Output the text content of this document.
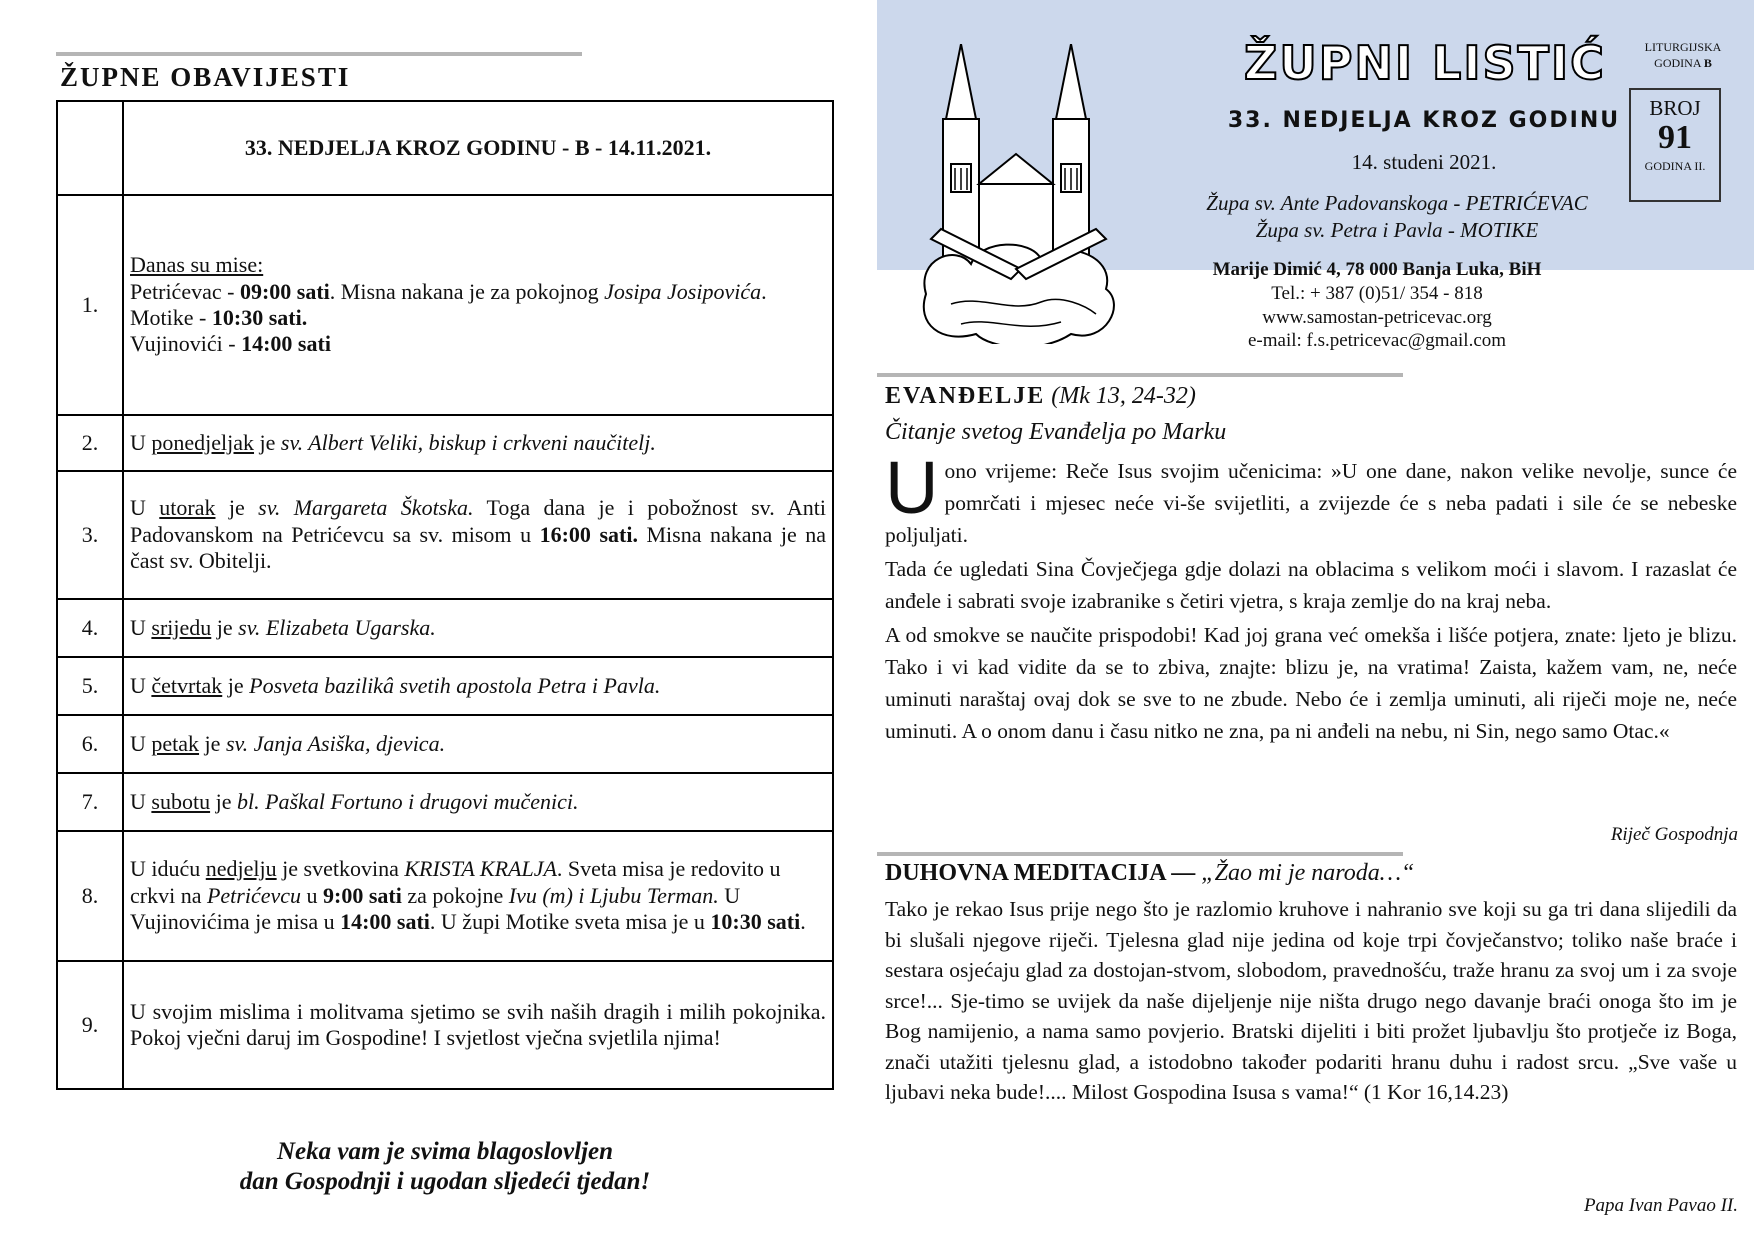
ŽUPNE OBAVIJESTI
	33. NEDJELJA KROZ GODINU - B - 14.11.2021.
1.	Danas su mise:
Petrićevac - 09:00 sati. Misna nakana je za pokojnog Josipa Josipovića.
Motike - 10:30 sati.
Vujinovići - 14:00 sati
2.	U ponedjeljak je sv. Albert Veliki, biskup i crkveni naučitelj.
3.	U utorak je sv. Margareta Škotska. Toga dana je i pobožnost sv. Anti Padovanskom na Petrićevcu sa sv. misom u 16:00 sati. Misna nakana je na čast sv. Obitelji.
4.	U srijedu je sv. Elizabeta Ugarska.
5.	U četvrtak je Posveta bazilikâ svetih apostola Petra i Pavla.
6.	U petak je sv. Janja Asiška, djevica.
7.	U subotu je bl. Paškal Fortuno i drugovi mučenici.
8.	U iduću nedjelju je svetkovina KRISTA KRALJA. Sveta misa je redovito u crkvi na Petrićevcu u 9:00 sati za pokojne Ivu (m) i Ljubu Terman. U Vujinovićima je misa u 14:00 sati. U župi Motike sveta misa je u 10:30 sati.
9.	U svojim mislima i molitvama sjetimo se svih naših dragih i milih pokojnika. Pokoj vječni daruj im Gospodine! I svjetlost vječna svjetlila njima!
Neka vam je svima blagoslovljen
dan Gospodnji i ugodan sljedeći tjedan!
ŽUPNI LISTIĆ	LITURGIJSKA
GODINA B
BROJ
91
GODINA II.
33. NEDJELJA KROZ GODINU
14. studeni 2021.
Župa sv. Ante Padovanskoga - PETRIĆEVAC
Župa sv. Petra i Pavla - MOTIKE
Marije Dimić 4, 78 000 Banja Luka, BiH
Tel.: + 387 (0)51/ 354 - 818
www.samostan-petricevac.org
e-mail: f.s.petricevac@gmail.com
EVANĐELJE (Mk 13, 24-32)
Čitanje svetog Evanđelja po Marku

Uono vrijeme: Reče Isus svojim učenicima: »U one dane, nakon velike nevolje, sunce će pomrčati i mjesec neće vi-še svijetliti, a zvijezde će s neba padati i sile će se nebeske poljuljati.

Tada će ugledati Sina Čovječjega gdje dolazi na oblacima s velikom moći i slavom. I razaslat će anđele i sabrati svoje izabranike s četiri vjetra, s kraja zemlje do na kraj neba.

A od smokve se naučite prispodobi! Kad joj grana već omekša i lišće potjera, znate: ljeto je blizu. Tako i vi kad vidite da se to zbiva, znajte: blizu je, na vratima! Zaista, kažem vam, ne, neće uminuti naraštaj ovaj dok se sve to ne zbude. Nebo će i zemlja uminuti, ali riječi moje ne, neće uminuti. A o onom danu i času nitko ne zna, pa ni anđeli na nebu, ni Sin, nego samo Otac.«

Riječ Gospodnja
DUHOVNA MEDITACIJA — „Žao mi je naroda…“
Tako je rekao Isus prije nego što je razlomio kruhove i nahranio sve koji su ga tri dana slijedili da bi slušali njegove riječi. Tjelesna glad nije jedina od koje trpi čovječanstvo; toliko naše braće i sestara osjećaju glad za dostojan-stvom, slobodom, pravednošću, traže hranu za svoj um i za svoje srce!... Sje-timo se uvijek da naše dijeljenje nije ništa drugo nego davanje braći onoga što im je Bog namijenio, a nama samo povjerio. Bratski dijeliti i biti prožet ljubavlju što protječe iz Boga, znači utažiti tjelesnu glad, a istodobno također podariti hranu duhu i radost srcu. „Sve vaše u ljubavi neka bude!.... Milost Gospodina Isusa s vama!“ (1 Kor 16,14.23)
Papa Ivan Pavao II.
